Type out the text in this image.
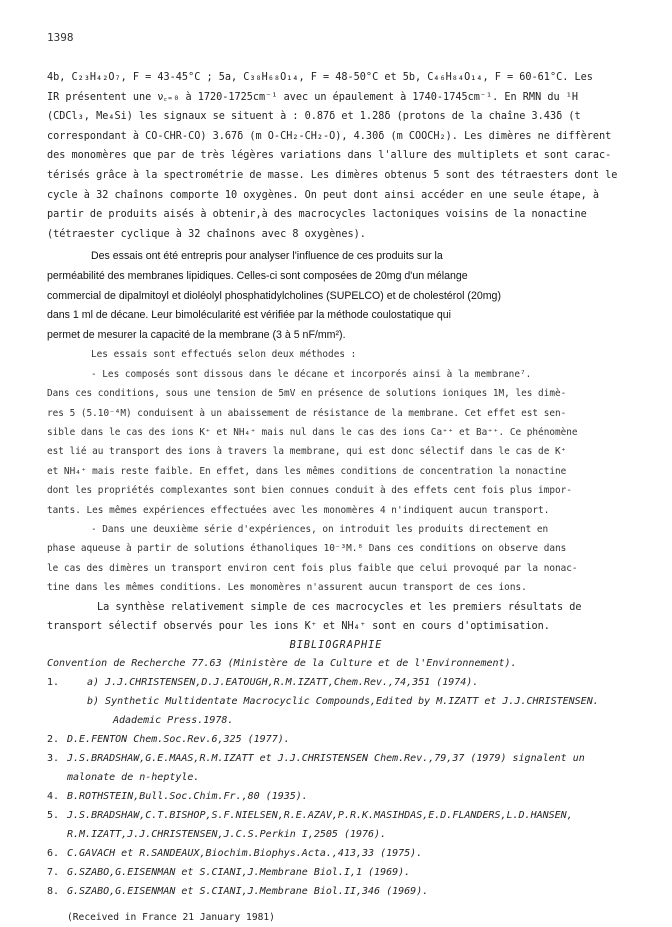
1398

4b, C₂₃H₄₂O₇, F = 43-45°C ; 5a, C₃₈H₆₈O₁₄, F = 48-50°C et 5b, C₄₆H₈₄O₁₄, F = 60-61°C. Les

IR présentent une ν꜀₌₀ à 1720-1725cm⁻¹ avec un épaulement à 1740-1745cm⁻¹. En RMN du ¹H

(CDCl₃, Me₄Si) les signaux se situent à : 0.87δ et 1.28δ (protons de la chaîne 3.43δ (t

correspondant à CO-CHR-CO) 3.67δ (m O-CH₂-CH₂-O), 4.30δ (m COOCH₂). Les dimères ne diffèrent

des monomères que par de très légères variations dans l'allure des multiplets et sont carac-

térisés grâce à la spectrométrie de masse. Les dimères obtenus 5 sont des tétraesters dont le

cycle à 32 chaînons comporte 10 oxygènes. On peut dont ainsi accéder en une seule étape, à

partir de produits aisés à obtenir,à des macrocycles lactoniques voisins de la nonactine

(tétraester cyclique à 32 chaînons avec 8 oxygènes).

Des essais ont été entrepris pour analyser l'influence de ces produits sur la

perméabilité des membranes lipidiques. Celles-ci sont composées de 20mg d'un mélange

commercial de dipalmitoyl et dioléolyl phosphatidylcholines (SUPELCO) et de cholestérol (20mg)

dans 1 ml de décane. Leur bimolécularité est vérifiée par la méthode coulostatique qui

permet de mesurer la capacité de la membrane (3 à 5 nF/mm²).

Les essais sont effectués selon deux méthodes :

- Les composés sont dissous dans le décane et incorporés ainsi à la membrane⁷.

Dans ces conditions, sous une tension de 5mV en présence de solutions ioniques 1M, les dimè-

res 5 (5.10⁻⁴M) conduisent à un abaissement de résistance de la membrane. Cet effet est sen-

sible dans le cas des ions K⁺ et NH₄⁺ mais nul dans le cas des ions Ca⁺⁺ et Ba⁺⁺. Ce phénomène

est lié au transport des ions à travers la membrane, qui est donc sélectif dans le cas de K⁺

et NH₄⁺ mais reste faible. En effet, dans les mêmes conditions de concentration la nonactine

dont les propriétés complexantes sont bien connues conduit à des effets cent fois plus impor-

tants. Les mêmes expériences effectuées avec les monomères 4 n'indiquent aucun transport.

- Dans une deuxième série d'expériences, on introduit les produits directement en

phase aqueuse à partir de solutions éthanoliques 10⁻³M.⁸ Dans ces conditions on observe dans

le cas des dimères un transport environ cent fois plus faible que celui provoqué par la nonac-

tine dans les mêmes conditions. Les monomères n'assurent aucun transport de ces ions.

La synthèse relativement simple de ces macrocycles et les premiers résultats de

transport sélectif observés pour les ions K⁺ et NH₄⁺ sont en cours d'optimisation.

BIBLIOGRAPHIE

Convention de Recherche 77.63 (Ministère de la Culture et de l'Environnement).

1.	a) J.J.CHRISTENSEN,D.J.EATOUGH,R.M.IZATT,Chem.Rev.,74,351 (1974).
b) Synthetic Multidentate Macrocyclic Compounds,Edited by M.IZATT et J.J.CHRISTENSEN.
Adademic Press.1978.
2. D.E.FENTON Chem.Soc.Rev.6,325 (1977).
3. J.S.BRADSHAW,G.E.MAAS,R.M.IZATT et J.J.CHRISTENSEN Chem.Rev.,79,37 (1979) signalent un
malonate de n-heptyle.
4. B.ROTHSTEIN,Bull.Soc.Chim.Fr.,80 (1935).
5. J.S.BRADSHAW,C.T.BISHOP,S.F.NIELSEN,R.E.AZAV,P.R.K.MASIHDAS,E.D.FLANDERS,L.D.HANSEN,
R.M.IZATT,J.J.CHRISTENSEN,J.C.S.Perkin I,2505 (1976).
6. C.GAVACH et R.SANDEAUX,Biochim.Biophys.Acta.,413,33 (1975).
7. G.SZABO,G.EISENMAN et S.CIANI,J.Membrane Biol.I,1 (1969).
8. G.SZABO,G.EISENMAN et S.CIANI,J.Membrane Biol.II,346 (1969).
(Received in France 21 January 1981)
